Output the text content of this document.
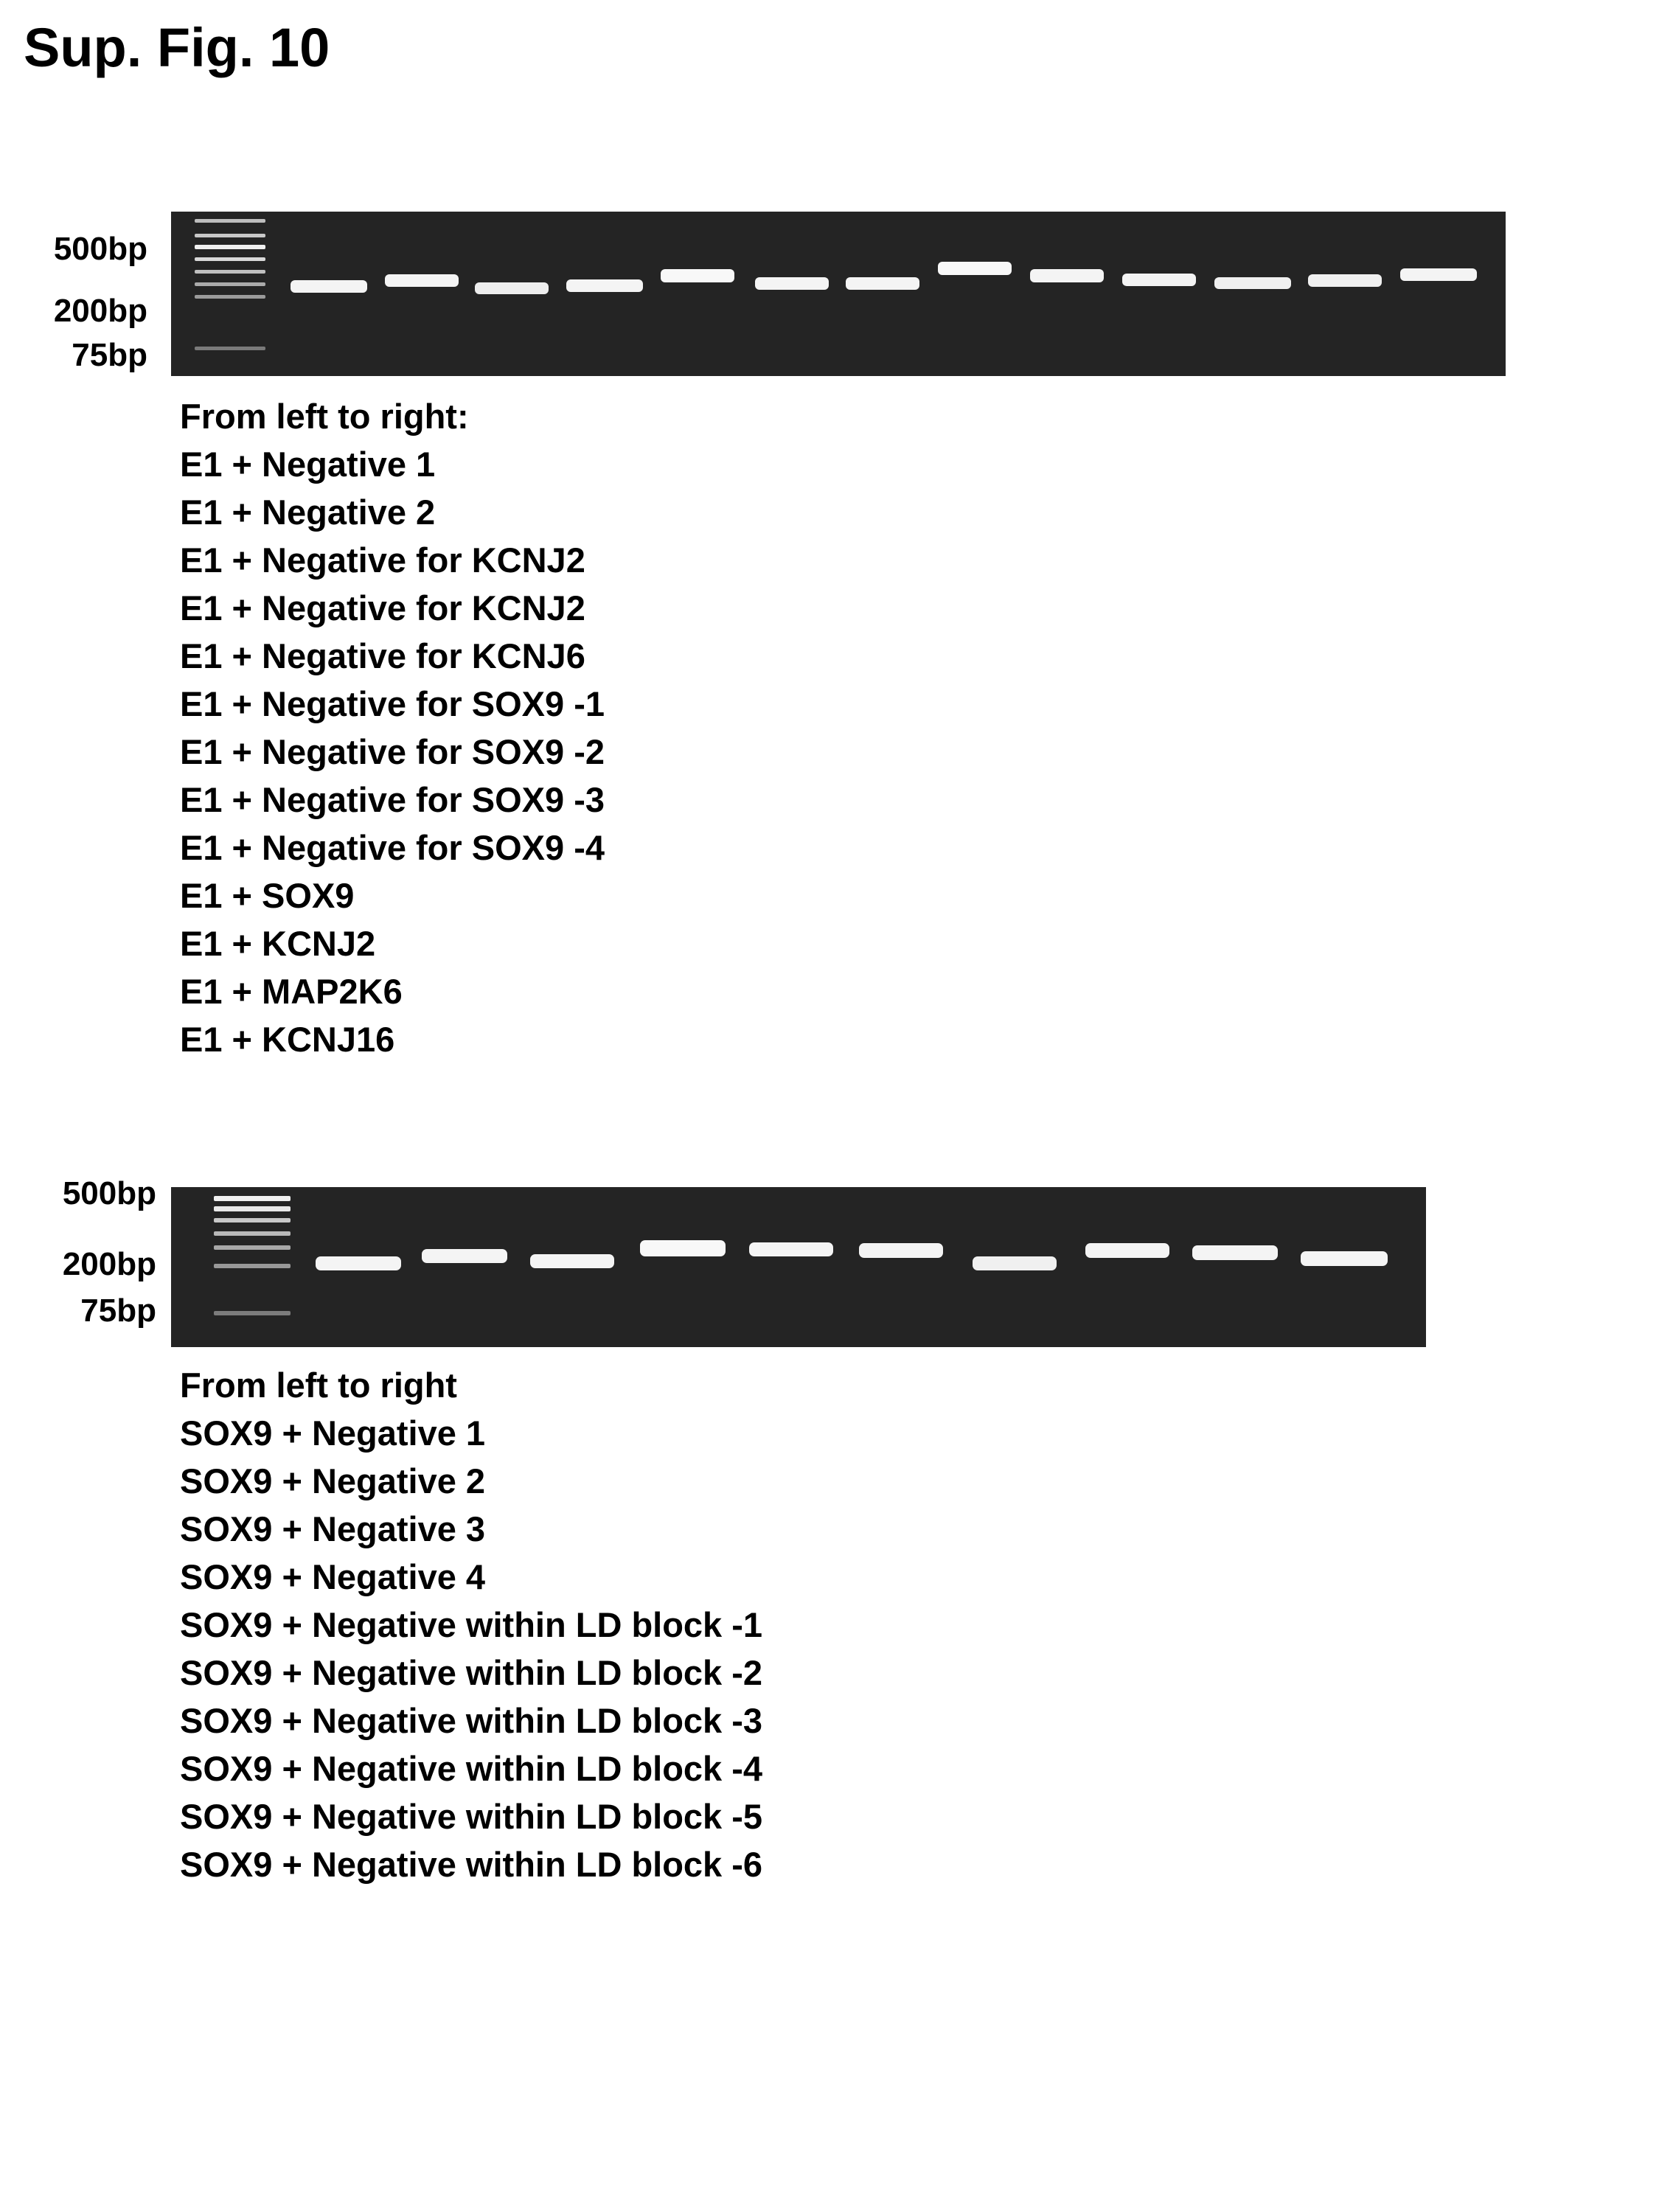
Sup. Fig. 10
500bp
200bp
75bp
From left to right:
E1 + Negative 1
E1 + Negative 2
E1 + Negative for KCNJ2
E1 + Negative for KCNJ2
E1 + Negative for KCNJ6
E1 + Negative for SOX9 -1
E1 + Negative for SOX9 -2
E1 + Negative for SOX9 -3
E1 + Negative for SOX9 -4
E1 + SOX9
E1 + KCNJ2
E1 + MAP2K6
E1 + KCNJ16
500bp
200bp
75bp
From left to right
SOX9 + Negative 1
SOX9 + Negative 2
SOX9 + Negative 3
SOX9 + Negative 4
SOX9 + Negative within LD block -1
SOX9 + Negative within LD block -2
SOX9 + Negative within LD block -3
SOX9 + Negative within LD block -4
SOX9 + Negative within LD block -5
SOX9 + Negative within LD block -6
